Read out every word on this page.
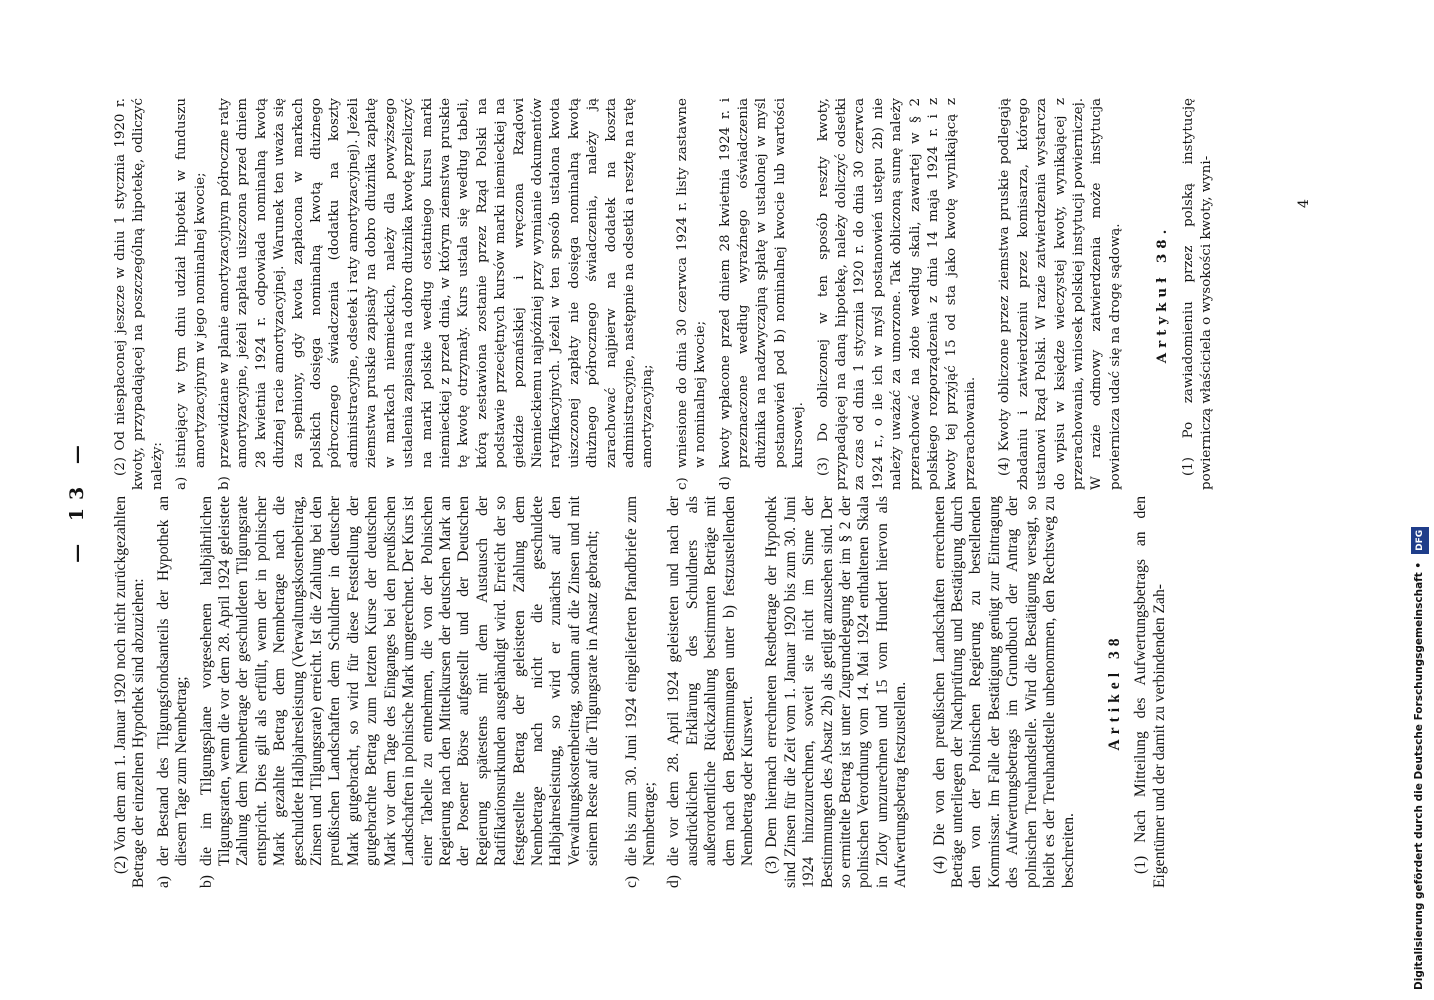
— 13 — (2) Von dem am 1. Januar 1920 noch nicht zurückgezahlten Betrage der einzelnen Hypothek sind abzuziehen: a)
der Bestand des Tilgungsfondsanteils der Hypothek an diesem Tage zum Nennbetrag;
b)
die im Tilgungsplane vorgesehenen halbjährlichen Tilgungsraten, wenn die vor dem 28. April 1924 geleistete Zahlung dem Nennbetrage der geschuldeten Tilgungsrate entspricht. Dies gilt als erfüllt, wenn der in polnischer Mark gezahlte Betrag dem Nennbetrage nach die geschuldete Halbjahresleistung (Verwaltungskostenbeitrag, Zinsen und Tilgungsrate) erreicht. Ist die Zahlung bei den preußischen Landschaften dem Schuldner in deutscher Mark gutgebracht, so wird für diese Feststellung der gutgebrachte Betrag zum letzten Kurse der deutschen Mark vor dem Tage des Einganges bei den preußischen Landschaften in polnische Mark umgerechnet. Der Kurs ist einer Tabelle zu entnehmen, die von der Polnischen Regierung nach den Mittelkursen der deutschen Mark an der Posener Börse aufgestellt und der Deutschen Regierung spätestens mit dem Austausch der Ratifikationsurkunden ausgehändigt wird. Erreicht der so festgestellte Betrag der geleisteten Zahlung dem Nennbetrage nach nicht die geschuldete Halbjahresleistung, so wird er zunächst auf den Verwaltungskostenbeitrag, sodann auf die Zinsen und mit seinem Reste auf die Tilgungsrate in Ansatz gebracht;
c)
die bis zum 30. Juni 1924 eingelieferten Pfandbriefe zum Nennbetrage;
d)
die vor dem 28. April 1924 geleisteten und nach der ausdrücklichen Erklärung des Schuldners als außerordentliche Rückzahlung bestimmten Beträge mit dem nach den Bestimmungen unter b) festzustellenden Nennbetrag oder Kurswert. (3) Dem hiernach errechneten Restbetrage der Hypothek sind Zinsen für die Zeit vom 1. Januar 1920 bis zum 30. Juni 1924 hinzuzurechnen, soweit sie nicht im Sinne der Bestimmungen des Absatz 2b) als getilgt anzusehen sind. Der so ermittelte Betrag ist unter Zugrundelegung der im § 2 der polnischen Verordnung vom 14. Mai 1924 enthaltenen Skala in Zloty umzurechnen und 15 vom Hundert hiervon als Aufwertungsbetrag festzustellen. (4) Die von den preußischen Landschaften errechneten Beträge unterliegen der Nachprüfung und Bestätigung durch den von der Polnischen Regierung zu bestellenden Kommissar. Im Falle der Bestätigung genügt zur Eintragung des Aufwertungsbetrags im Grundbuch der Antrag der polnischen Treuhandstelle. Wird die Bestätigung versagt, so bleibt es der Treuhandstelle unbenommen, den Rechtsweg zu beschreiten.

Artikel 38 (1) Nach Mitteilung des Aufwertungsbetrags an den Eigentümer und der damit zu verbindenden Zah-

(2) Od niespłaconej jeszcze w dniu 1 stycznia 1920 r. kwoty, przypadającej na poszczególną hipotekę, odliczyć należy: a)
istniejący w tym dniu udział hipoteki w funduszu amortyzacyjnym w jego nominalnej kwocie;
b)
przewidziane w planie amortyzacyjnym półroczne raty amortyzacyjne, jeżeli zapłata uiszczona przed dniem 28 kwietnia 1924 r. odpowiada nominalną kwotą dłużnej racie amortyzacyjnej. Warunek ten uważa się za spełniony, gdy kwota zapłacona w markach polskich dosięga nominalną kwotą dłużnego półrocznego świadczenia (dodatku na koszty administracyjne, odsetek i raty amortyzacyjnej). Jeżeli ziemstwa pruskie zapisały na dobro dłużnika zapłatę w markach niemieckich, należy dla powyższego ustalenia zapisaną na dobro dłużnika kwotę przeliczyć na marki polskie według ostatniego kursu marki niemieckiej z przed dnia, w którym ziemstwa pruskie tę kwotę otrzymały. Kurs ustala się według tabeli, którą zestawiona zostanie przez Rząd Polski na podstawie przeciętnych kursów marki niemieckiej na giełdzie poznańskiej i wręczona Rządowi Niemieckiemu najpóźniej przy wymianie dokumentów ratyfikacyjnych. Jeżeli w ten sposób ustalona kwota uiszczonej zapłaty nie dosięga nominalną kwotą dłużnego półrocznego świadczenia, należy ją zarachować najpierw na dodatek na koszta administracyjne, następnie na odsetki a resztę na ratę amortyzacyjną;
c)
wniesione do dnia 30 czerwca 1924 r. listy zastawne w nominalnej kwocie;
d)
kwoty wpłacone przed dniem 28 kwietnia 1924 r. i przeznaczone według wyraźnego oświadczenia dłużnika na nadzwyczajną spłatę w ustalonej w myśl postanowień pod b) nominalnej kwocie lub wartości kursowej. (3) Do obliczonej w ten sposób reszty kwoty, przypadającej na daną hipotekę, należy doliczyć odsetki za czas od dnia 1 stycznia 1920 r. do dnia 30 czerwca 1924 r., o ile ich w myśl postanowień ustępu 2b) nie należy uważać za umorzone. Tak obliczoną sumę należy przerachować na złote według skali, zawartej w § 2 polskiego rozporządzenia z dnia 14 maja 1924 r. i z kwoty tej przyjąć 15 od sta jako kwotę wynikającą z przerachowania. (4) Kwoty obliczone przez ziemstwa pruskie podlegają zbadaniu i zatwierdzeniu przez komisarza, którego ustanowi Rząd Polski. W razie zatwierdzenia wystarcza do wpisu w księdze wieczystej kwoty, wynikającej z przerachowania, wniosek polskiej instytucji powierniczej. W razie odmowy zatwierdzenia może instytucja powiernicza udać się na drogę sądową. Artykuł 38. (1) Po zawiadomieniu przez polską instytucję powierniczą właściciela o wysokości kwoty, wyni-	4
Digitalisierung gefördert durch die Deutsche Forschungsgemeinschaft •DFG
